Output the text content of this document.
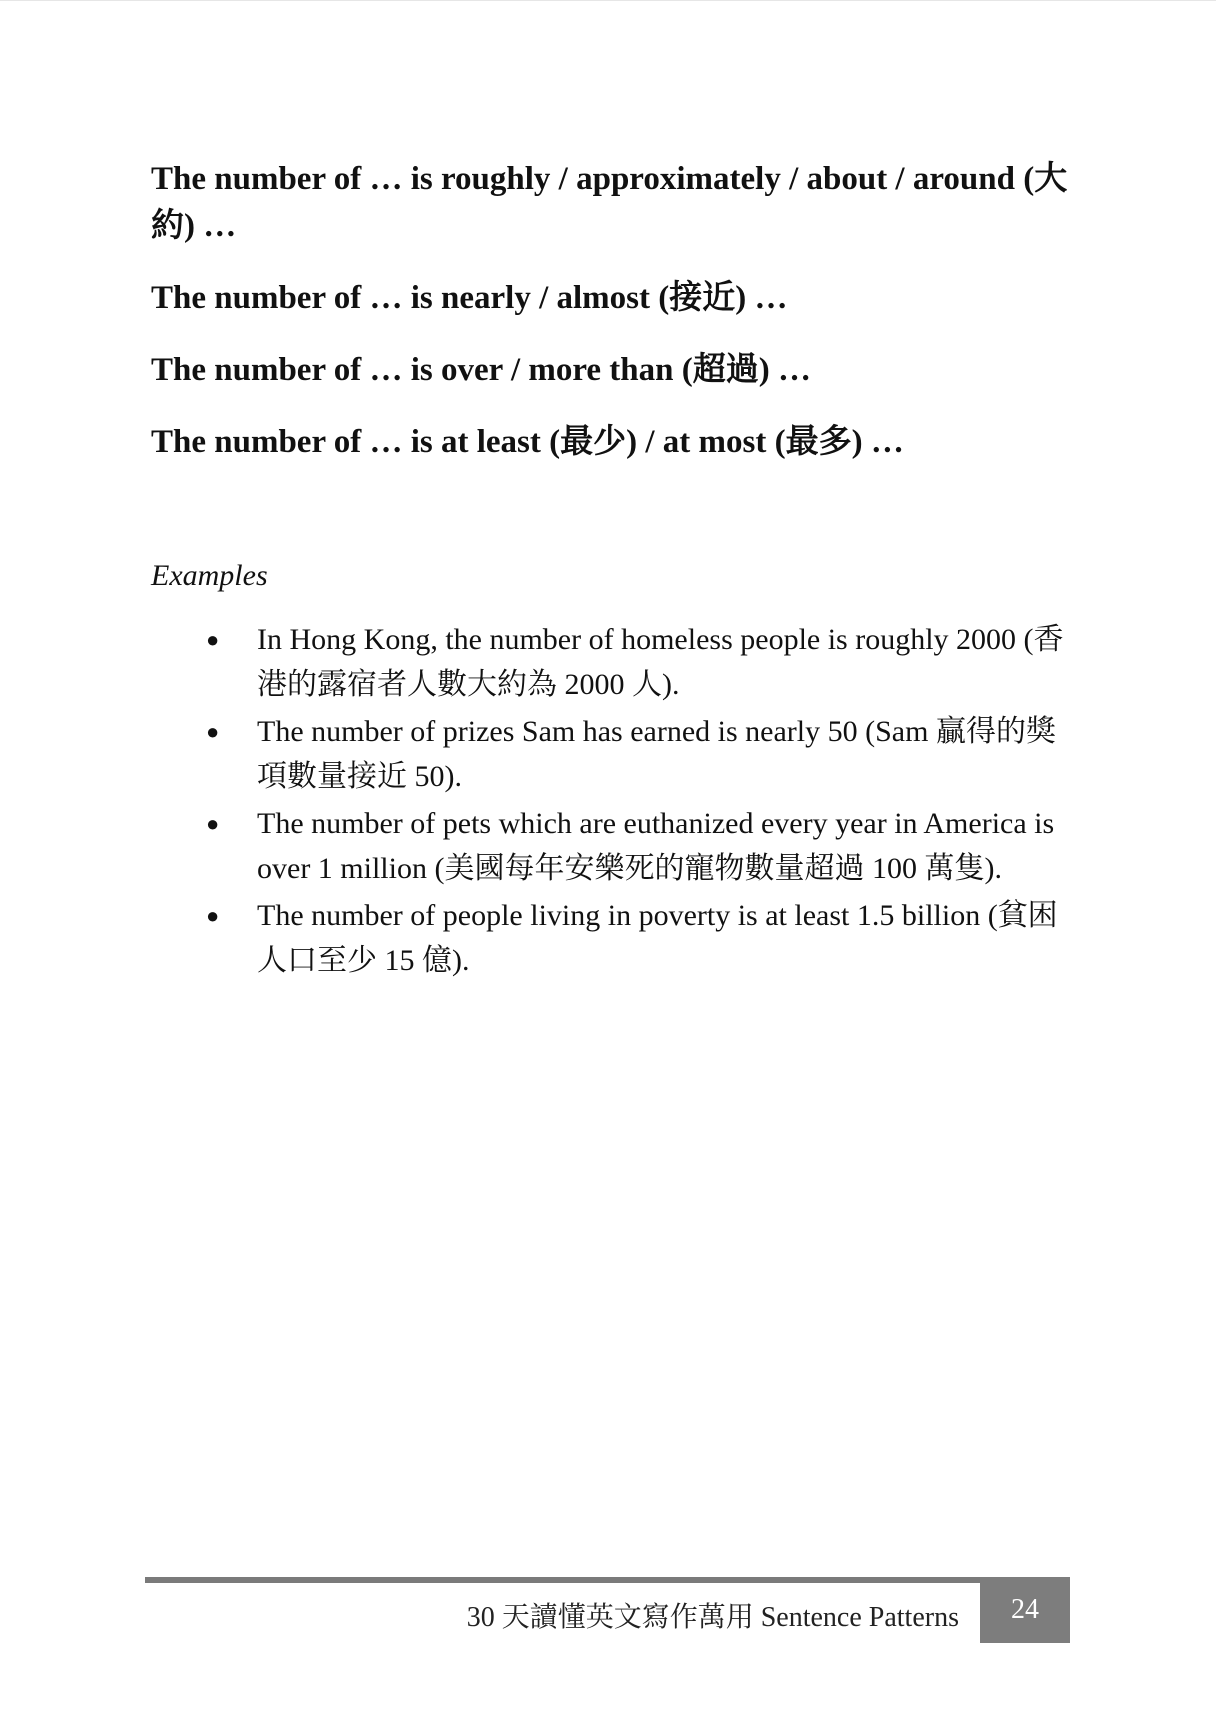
The number of … is roughly / approximately / about / around (大約) …

The number of … is nearly / almost (接近) …

The number of … is over / more than (超過) …

The number of … is at least (最少) / at most (最多) …

Examples
● In Hong Kong, the number of homeless people is roughly 2000 (香港的露宿者人數大約為 2000 人).
● The number of prizes Sam has earned is nearly 50 (Sam 贏得的獎項數量接近 50).
● The number of pets which are euthanized every year in America is over 1 million (美國每年安樂死的寵物數量超過 100 萬隻).
● The number of people living in poverty is at least 1.5 billion (貧困人口至少 15 億).
30 天讀懂英文寫作萬用 Sentence Patterns 24
